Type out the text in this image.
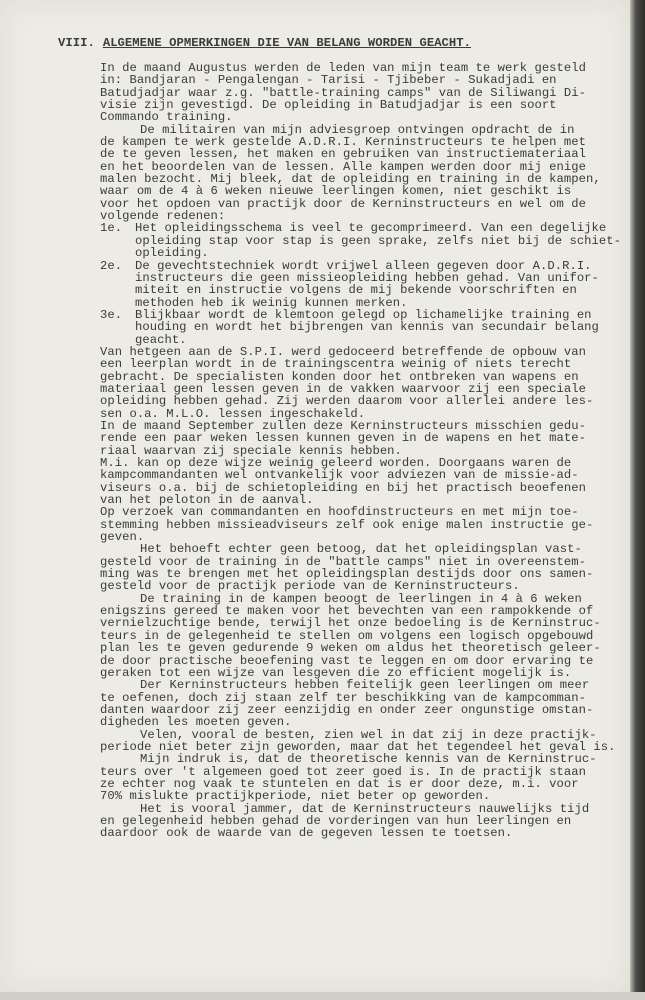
VIII. ALGEMENE OPMERKINGEN DIE VAN BELANG WORDEN GEACHT.
In de maand Augustus werden de leden van mijn team te werk gesteld
in: Bandjaran - Pengalengan - Tarisi - Tjibeber - Sukadjadi en
Batudjadjar waar z.g. "battle-training camps" van de Siliwangi Di-
visie zijn gevestigd. De opleiding in Batudjadjar is een soort
Commando training.
De militairen van mijn adviesgroep ontvingen opdracht de in
de kampen te werk gestelde A.D.R.I. Kerninstructeurs te helpen met
de te geven lessen, het maken en gebruiken van instructiemateriaal
en het beoordelen van de lessen. Alle kampen werden door mij enige
malen bezocht. Mij bleek, dat de opleiding en training in de kampen,
waar om de 4 à 6 weken nieuwe leerlingen komen, niet geschikt is
voor het opdoen van practijk door de Kerninstructeurs en wel om de
volgende redenen:
1e.	Het opleidingsschema is veel te gecomprimeerd. Van een degelijke
opleiding stap voor stap is geen sprake, zelfs niet bij de schiet-
opleiding.
2e.	De gevechtstechniek wordt vrijwel alleen gegeven door A.D.R.I.
instructeurs die geen missieopleiding hebben gehad. Van unifor-
miteit en instructie volgens de mij bekende voorschriften en
methoden heb ik weinig kunnen merken.
3e.	Blijkbaar wordt de klemtoon gelegd op lichamelijke training en
houding en wordt het bijbrengen van kennis van secundair belang
geacht.
Van hetgeen aan de S.P.I. werd gedoceerd betreffende de opbouw van
een leerplan wordt in de trainingscentra weinig of niets terecht
gebracht. De specialisten konden door het ontbreken van wapens en
materiaal geen lessen geven in de vakken waarvoor zij een speciale
opleiding hebben gehad. Zij werden daarom voor allerlei andere les-
sen o.a. M.L.O. lessen ingeschakeld.
In de maand September zullen deze Kerninstructeurs misschien gedu-
rende een paar weken lessen kunnen geven in de wapens en het mate-
riaal waarvan zij speciale kennis hebben.
M.i. kan op deze wijze weinig geleerd worden. Doorgaans waren de
kampcommandanten wel ontvankelijk voor adviezen van de missie-ad-
viseurs o.a. bij de schietopleiding en bij het practisch beoefenen
van het peloton in de aanval.
Op verzoek van commandanten en hoofdinstructeurs en met mijn toe-
stemming hebben missieadviseurs zelf ook enige malen instructie ge-
geven.
Het behoeft echter geen betoog, dat het opleidingsplan vast-
gesteld voor de training in de "battle camps" niet in overeenstem-
ming was te brengen met het opleidingsplan destijds door ons samen-
gesteld voor de practijk periode van de Kerninstructeurs.
De training in de kampen beoogt de leerlingen in 4 à 6 weken
enigszins gereed te maken voor het bevechten van een rampokkende of
vernielzuchtige bende, terwijl het onze bedoeling is de Kerninstruc-
teurs in de gelegenheid te stellen om volgens een logisch opgebouwd
plan les te geven gedurende 9 weken om aldus het theoretisch geleer-
de door practische beoefening vast te leggen en om door ervaring te
geraken tot een wijze van lesgeven die zo efficient mogelijk is.
Der Kerninstructeurs hebben feitelijk geen leerlingen om meer
te oefenen, doch zij staan zelf ter beschikking van de kampcomman-
danten waardoor zij zeer eenzijdig en onder zeer ongunstige omstan-
digheden les moeten geven.
Velen, vooral de besten, zien wel in dat zij in deze practijk-
periode niet beter zijn geworden, maar dat het tegendeel het geval is.
Mijn indruk is, dat de theoretische kennis van de Kerninstruc-
teurs over 't algemeen goed tot zeer goed is. In de practijk staan
ze echter nog vaak te stuntelen en dat is er door deze, m.i. voor
70% mislukte practijkperiode, niet beter op geworden.
Het is vooral jammer, dat de Kerninstructeurs nauwelijks tijd
en gelegenheid hebben gehad de vorderingen van hun leerlingen en
daardoor ook de waarde van de gegeven lessen te toetsen.
